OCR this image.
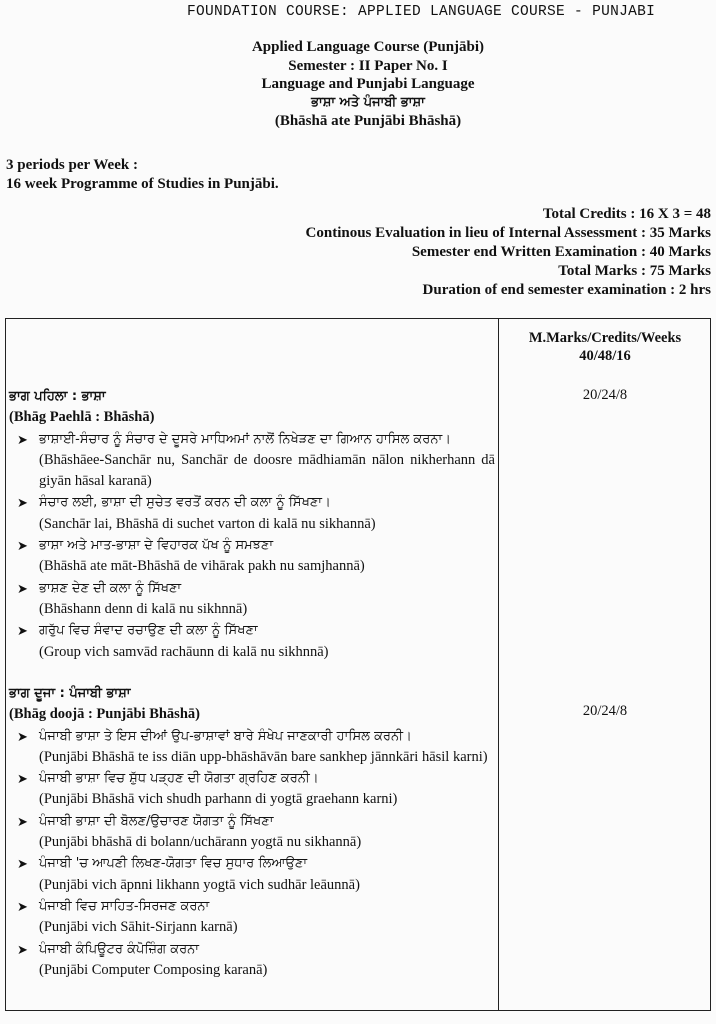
FOUNDATION COURSE: APPLIED LANGUAGE COURSE - PUNJABI
Applied Language Course (Punjābi)
Semester : II Paper No. I
Language and Punjabi Language
ਭਾਸ਼ਾ ਅਤੇ ਪੰਜਾਬੀ ਭਾਸ਼ਾ
(Bhāshā ate Punjābi Bhāshā)
3 periods per Week :
16 week Programme of Studies in Punjābi.
Total Credits : 16 X 3 = 48
Continous Evaluation in lieu of Internal Assessment : 35 Marks
Semester end Written Examination : 40 Marks
Total Marks : 75 Marks
Duration of end semester examination : 2 hrs
M.Marks/Credits/Weeks
40/48/16
20/24/8
20/24/8
ਭਾਗ ਪਹਿਲਾ : ਭਾਸ਼ਾ
(Bhāg Paehlā : Bhāshā)
➤ ਭਾਸ਼ਾਈ-ਸੰਚਾਰ ਨੂੰ ਸੰਚਾਰ ਦੇ ਦੂਸਰੇ ਮਾਧਿਅਮਾਂ ਨਾਲੋਂ ਨਿਖੇੜਣ ਦਾ ਗਿਆਨ ਹਾਸਿਲ ਕਰਨਾ।
(Bhāshāee-Sanchār nu, Sanchār de doosre mādhiamān nālon nikherhann dā giyān hāsal karanā)
➤ ਸੰਚਾਰ ਲਈ, ਭਾਸ਼ਾ ਦੀ ਸੁਚੇਤ ਵਰਤੋਂ ਕਰਨ ਦੀ ਕਲਾ ਨੂੰ ਸਿੱਖਣਾ।
(Sanchār lai, Bhāshā di suchet varton di kalā nu sikhannā)
➤ ਭਾਸ਼ਾ ਅਤੇ ਮਾਤ-ਭਾਸ਼ਾ ਦੇ ਵਿਹਾਰਕ ਪੱਖ ਨੂੰ ਸਮਝਣਾ
(Bhāshā ate māt-Bhāshā de vihārak pakh nu samjhannā)
➤ ਭਾਸ਼ਣ ਦੇਣ ਦੀ ਕਲਾ ਨੂੰ ਸਿੱਖਣਾ
(Bhāshann denn di kalā nu sikhnnā)
➤ ਗਰੁੱਪ ਵਿਚ ਸੰਵਾਦ ਰਚਾਉਣ ਦੀ ਕਲਾ ਨੂੰ ਸਿੱਖਣਾ
(Group vich samvād rachāunn di kalā nu sikhnnā)
ਭਾਗ ਦੂਜਾ : ਪੰਜਾਬੀ ਭਾਸ਼ਾ
(Bhāg doojā : Punjābi Bhāshā)
➤ ਪੰਜਾਬੀ ਭਾਸ਼ਾ ਤੇ ਇਸ ਦੀਆਂ ਉਪ-ਭਾਸ਼ਾਵਾਂ ਬਾਰੇ ਸੰਖੇਪ ਜਾਣਕਾਰੀ ਹਾਸਿਲ ਕਰਨੀ।
(Punjābi Bhāshā te iss diān upp-bhāshāvān bare sankhep jānnkāri hāsil karni)
➤ ਪੰਜਾਬੀ ਭਾਸ਼ਾ ਵਿਚ ਸ਼ੁੱਧ ਪੜ੍ਹਣ ਦੀ ਯੋਗਤਾ ਗ੍ਰਹਿਣ ਕਰਨੀ।
(Punjābi Bhāshā vich shudh parhann di yogtā graehann karni)
➤ ਪੰਜਾਬੀ ਭਾਸ਼ਾ ਦੀ ਬੋਲਣ/ਉਚਾਰਣ ਯੋਗਤਾ ਨੂੰ ਸਿੱਖਣਾ
(Punjābi bhāshā di bolann/uchārann yogtā nu sikhannā)
➤ ਪੰਜਾਬੀ 'ਚ ਆਪਣੀ ਲਿਖਣ-ਯੋਗਤਾ ਵਿਚ ਸੁਧਾਰ ਲਿਆਉਣਾ
(Punjābi vich āpnni likhann yogtā vich sudhār leāunnā)
➤ ਪੰਜਾਬੀ ਵਿਚ ਸਾਹਿਤ-ਸਿਰਜਣ ਕਰਨਾ
(Punjābi vich Sāhit-Sirjann karnā)
➤ ਪੰਜਾਬੀ ਕੰਪਿਊਟਰ ਕੰਪੋਜ਼ਿੰਗ ਕਰਨਾ
(Punjābi Computer Composing karanā)
